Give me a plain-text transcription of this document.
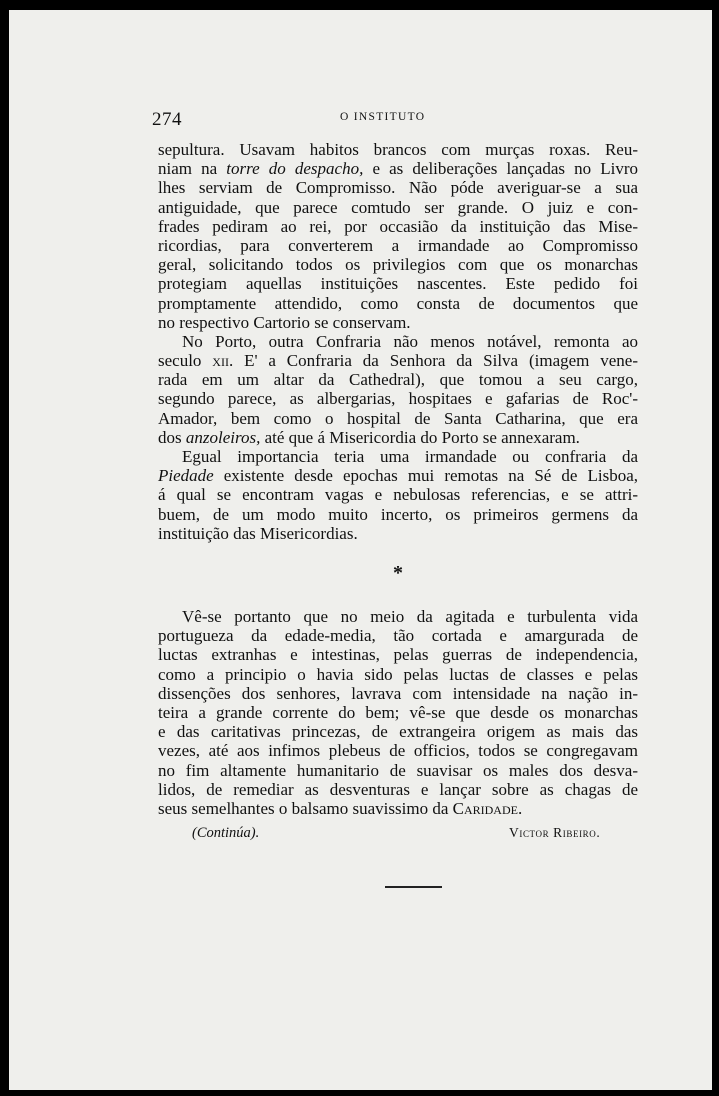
274	O INSTITUTO
sepultura. Usavam habitos brancos com murças roxas. Reu-
niam na torre do despacho, e as deliberações lançadas no Livro
lhes serviam de Compromisso. Não póde averiguar-se a sua
antiguidade, que parece comtudo ser grande. O juiz e con-
frades pediram ao rei, por occasião da instituição das Mise-
ricordias, para converterem a irmandade ao Compromisso
geral, solicitando todos os privilegios com que os monarchas
protegiam aquellas instituições nascentes. Este pedido foi
promptamente attendido, como consta de documentos que
no respectivo Cartorio se conservam.
No Porto, outra Confraria não menos notável, remonta ao
seculo xii. E' a Confraria da Senhora da Silva (imagem vene-
rada em um altar da Cathedral), que tomou a seu cargo,
segundo parece, as albergarias, hospitaes e gafarias de Roc'-
Amador, bem como o hospital de Santa Catharina, que era
dos anzoleiros, até que á Misericordia do Porto se annexaram.
Egual importancia teria uma irmandade ou confraria da
Piedade existente desde epochas mui remotas na Sé de Lisboa,
á qual se encontram vagas e nebulosas referencias, e se attri-
buem, de um modo muito incerto, os primeiros germens da
instituição das Misericordias.
*
Vê-se portanto que no meio da agitada e turbulenta vida
portugueza da edade-media, tão cortada e amargurada de
luctas extranhas e intestinas, pelas guerras de independencia,
como a principio o havia sido pelas luctas de classes e pelas
dissenções dos senhores, lavrava com intensidade na nação in-
teira a grande corrente do bem; vê-se que desde os monarchas
e das caritativas princezas, de extrangeira origem as mais das
vezes, até aos infimos plebeus de officios, todos se congregavam
no fim altamente humanitario de suavisar os males dos desva-
lidos, de remediar as desventuras e lançar sobre as chagas de
seus semelhantes o balsamo suavissimo da Caridade.
(Continúa).	Victor Ribeiro.
